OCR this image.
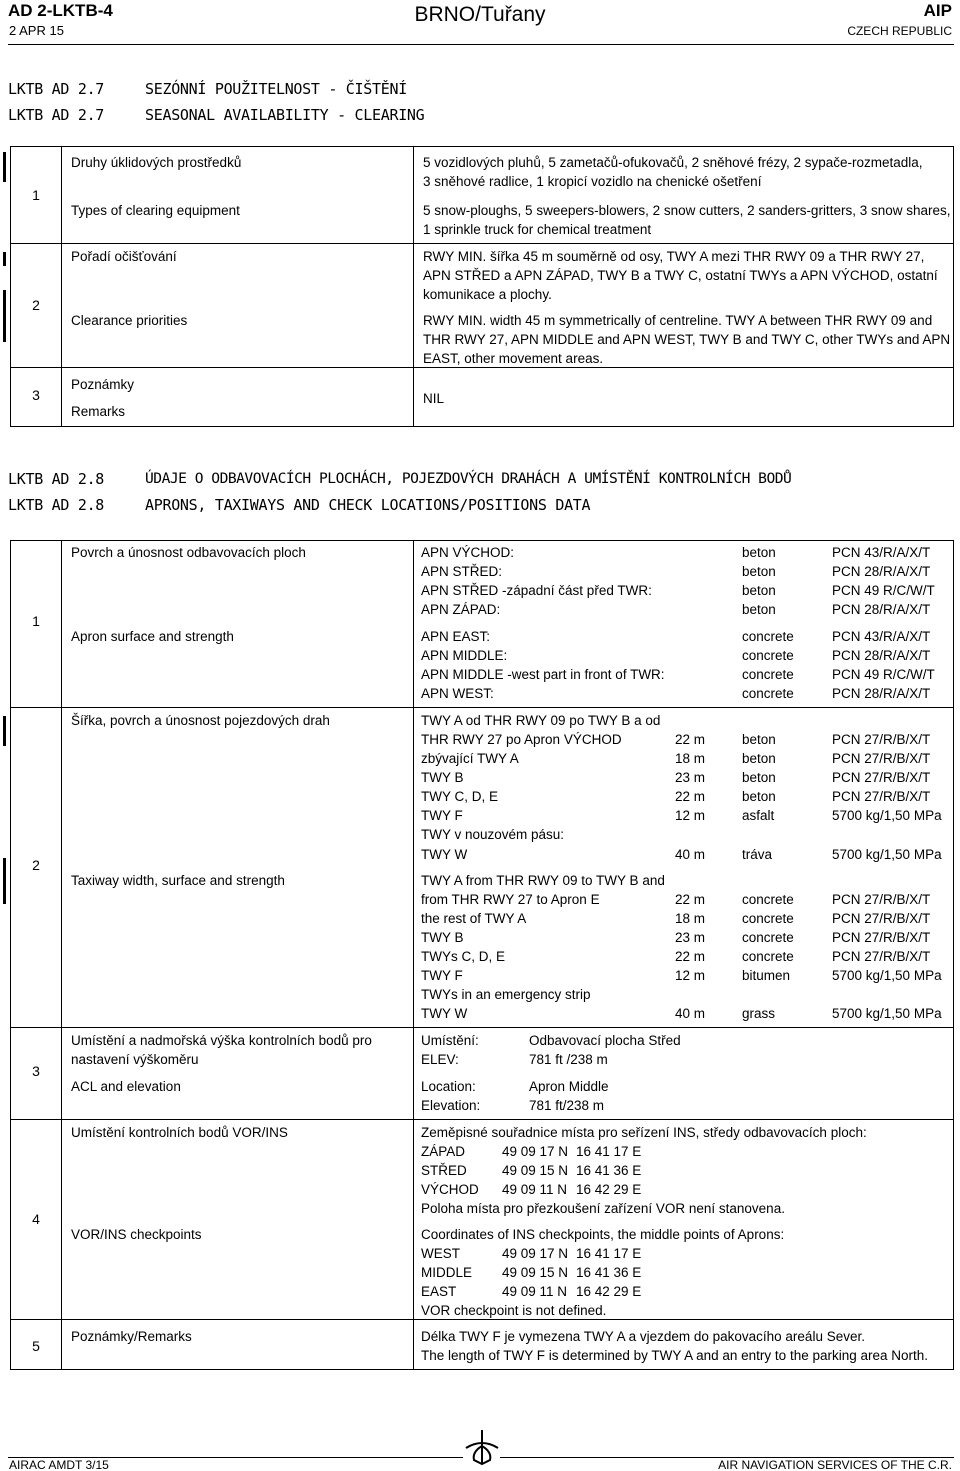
AD 2-LKTB-4
2 APR 15
BRNO/Tuřany	AIP
CZECH REPUBLIC
LKTB AD 2.7
LKTB AD 2.7
SEZÓNNÍ POUŽITELNOST - ČIŠTĚNÍ
SEASONAL AVAILABILITY - CLEARING
1
Druhy úklidových prostředků
Types of clearing equipment
5 vozidlových pluhů, 5 zametačů-ofukovačů, 2 sněhové frézy, 2 sypače-rozmetadla,
3 sněhové radlice, 1 kropicí vozidlo na chenické ošetření
5 snow-ploughs, 5 sweepers-blowers, 2 snow cutters, 2 sanders-gritters, 3 snow shares,
1 sprinkle truck for chemical treatment
2
Pořadí očišťování
Clearance priorities
RWY MIN. šířka 45 m souměrně od osy, TWY A mezi THR RWY 09 a THR RWY 27,
APN STŘED a APN ZÁPAD, TWY B a TWY C, ostatní TWYs a APN VÝCHOD, ostatní
komunikace a plochy.
RWY MIN. width 45 m symmetrically of centreline. TWY A between THR RWY 09 and
THR RWY 27, APN MIDDLE and APN WEST, TWY B and TWY C, other TWYs and APN
EAST, other movement areas.
3
Poznámky
Remarks
NIL
LKTB AD 2.8
LKTB AD 2.8
ÚDAJE O ODBAVOVACÍCH PLOCHÁCH, POJEZDOVÝCH DRAHÁCH A UMÍSTĚNÍ KONTROLNÍCH BODŮ
APRONS, TAXIWAYS AND CHECK LOCATIONS/POSITIONS DATA
1
Povrch a únosnost odbavovacích ploch
Apron surface and strength
APN VÝCHOD:	beton	PCN 43/R/A/X/T
APN STŘED:	beton	PCN 28/R/A/X/T
APN STŘED -západní část před TWR:	beton	PCN 49 R/C/W/T
APN ZÁPAD:	beton	PCN 28/R/A/X/T
APN EAST:	concrete	PCN 43/R/A/X/T
APN MIDDLE:	concrete	PCN 28/R/A/X/T
APN MIDDLE -west part in front of TWR:	concrete	PCN 49 R/C/W/T
APN WEST:	concrete	PCN 28/R/A/X/T
2
Šířka, povrch a únosnost pojezdových drah
Taxiway width, surface and strength
TWY A od THR RWY 09 po TWY B a od
THR RWY 27 po Apron VÝCHOD	22 m	beton	PCN 27/R/B/X/T
zbývající TWY A	18 m	beton	PCN 27/R/B/X/T
TWY B	23 m	beton	PCN 27/R/B/X/T
TWY C, D, E	22 m	beton	PCN 27/R/B/X/T
TWY F	12 m	asfalt	5700 kg/1,50 MPa
TWY v nouzovém pásu:
TWY W	40 m	tráva	5700 kg/1,50 MPa
TWY A from THR RWY 09 to TWY B and
from THR RWY 27 to Apron E	22 m	concrete	PCN 27/R/B/X/T
the rest of TWY A	18 m	concrete	PCN 27/R/B/X/T
TWY B	23 m	concrete	PCN 27/R/B/X/T
TWYs C, D, E	22 m	concrete	PCN 27/R/B/X/T
TWY F	12 m	bitumen	5700 kg/1,50 MPa
TWYs in an emergency strip
TWY W	40 m	grass	5700 kg/1,50 MPa
3
Umístění a nadmořská výška kontrolních bodů pro
nastavení výškoměru
ACL and elevation
Umístění:	Odbavovací plocha Střed
ELEV:	781 ft /238 m
Location:	Apron Middle
Elevation:	781 ft/238 m
4
Umístění kontrolních bodů VOR/INS
VOR/INS checkpoints
Zeměpisné souřadnice místa pro seřízení INS, středy odbavovacích ploch:
ZÁPAD	49 09 17 N 16 41 17 E
STŘED	49 09 15 N 16 41 36 E
VÝCHOD 49 09 11 N 16 42 29 E
Poloha místa pro přezkoušení zařízení VOR není stanovena.
Coordinates of INS checkpoints, the middle points of Aprons:
WEST	49 09 17 N 16 41 17 E
MIDDLE 49 09 15 N 16 41 36 E
EAST	49 09 11 N 16 42 29 E
VOR checkpoint is not defined.
5
Poznámky/Remarks	Délka TWY F je vymezena TWY A a vjezdem do pakovacího areálu Sever.
The length of TWY F is determined by TWY A and an entry to the parking area North.
AIRAC AMDT 3/15	AIR NAVIGATION SERVICES OF THE C.R.
